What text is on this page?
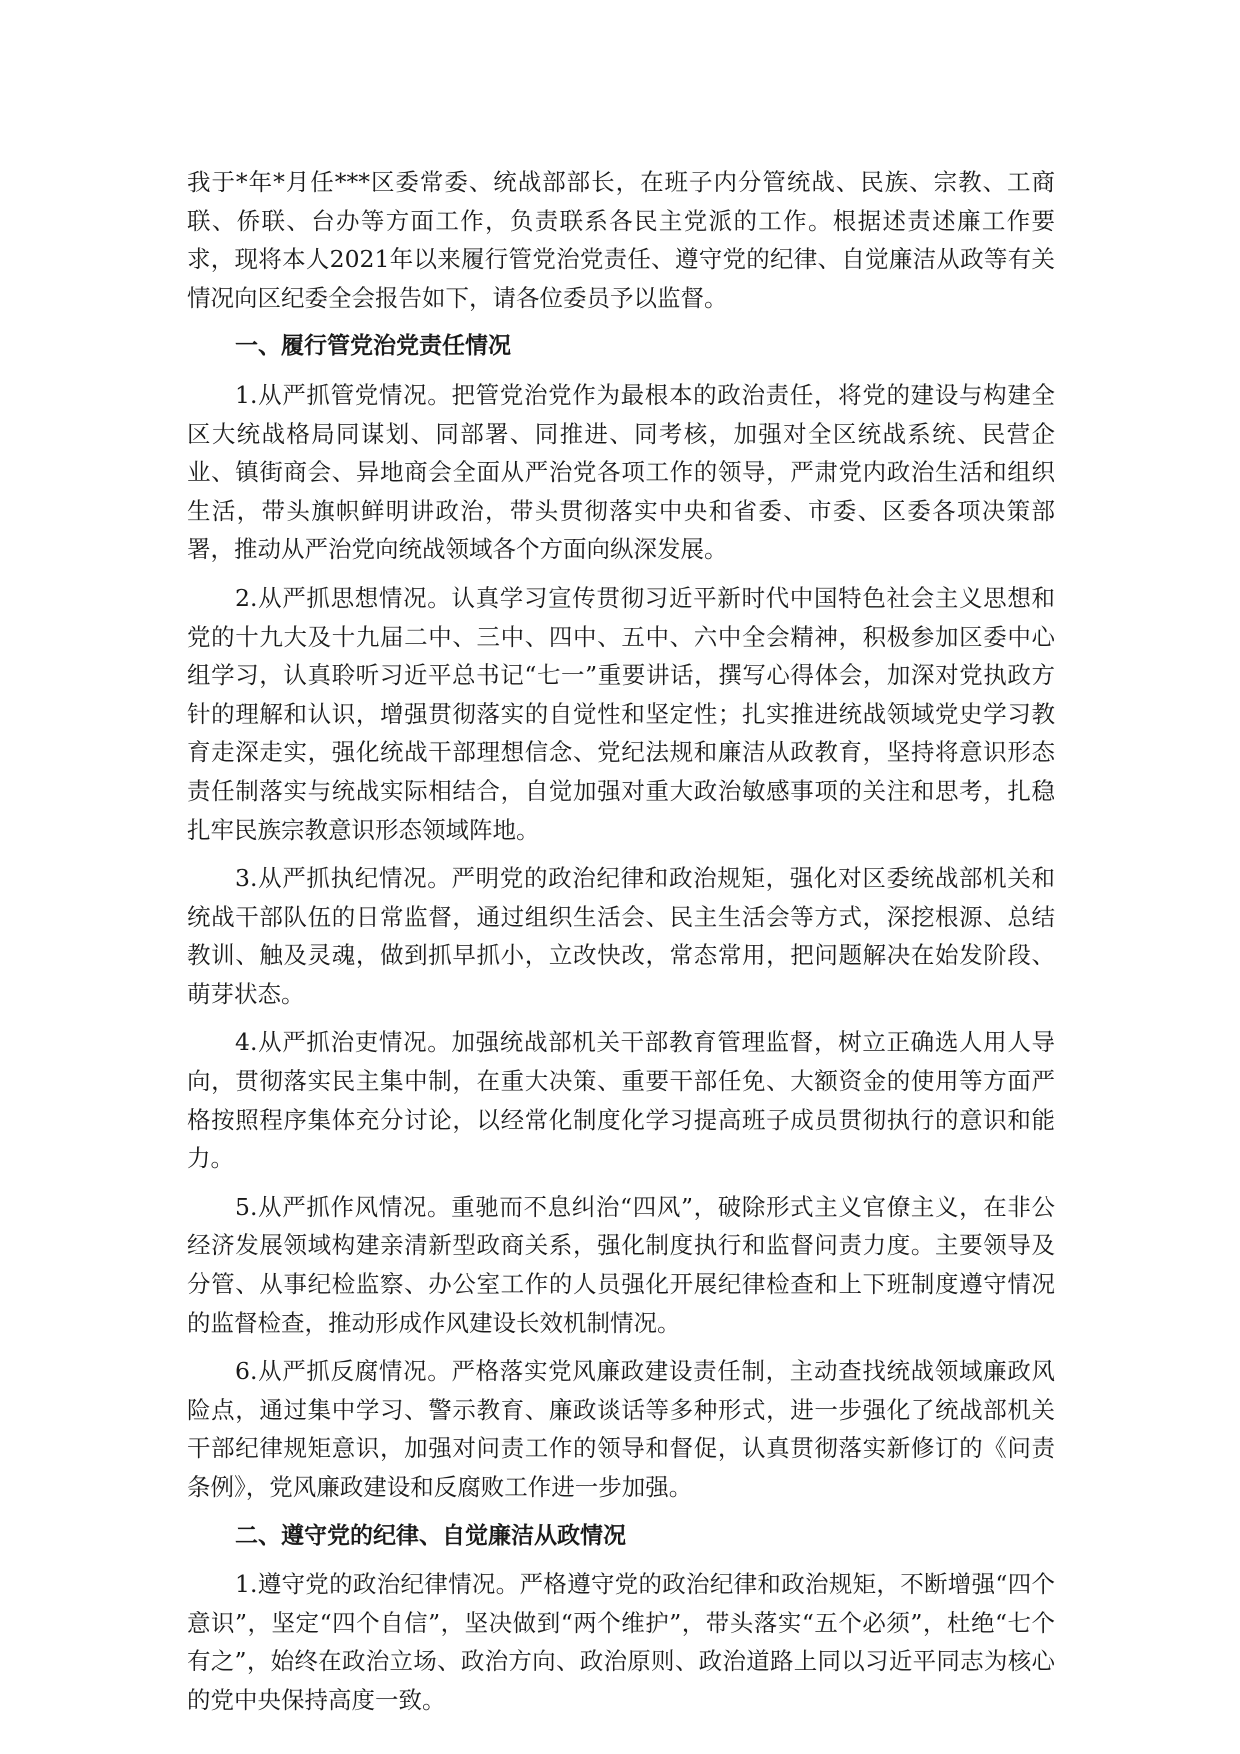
我于*年*月任***区委常委、统战部部长，在班子内分管统战、民族、宗教、工商联、侨联、台办等方面工作，负责联系各民主党派的工作。根据述责述廉工作要求，现将本人2021年以来履行管党治党责任、遵守党的纪律、自觉廉洁从政等有关情况向区纪委全会报告如下，请各位委员予以监督。

一、履行管党治党责任情况

1.从严抓管党情况。把管党治党作为最根本的政治责任，将党的建设与构建全区大统战格局同谋划、同部署、同推进、同考核，加强对全区统战系统、民营企业、镇街商会、异地商会全面从严治党各项工作的领导，严肃党内政治生活和组织生活，带头旗帜鲜明讲政治，带头贯彻落实中央和省委、市委、区委各项决策部署，推动从严治党向统战领域各个方面向纵深发展。

2.从严抓思想情况。认真学习宣传贯彻习近平新时代中国特色社会主义思想和党的十九大及十九届二中、三中、四中、五中、六中全会精神，积极参加区委中心组学习，认真聆听习近平总书记“七一”重要讲话，撰写心得体会，加深对党执政方针的理解和认识，增强贯彻落实的自觉性和坚定性；扎实推进统战领域党史学习教育走深走实，强化统战干部理想信念、党纪法规和廉洁从政教育，坚持将意识形态责任制落实与统战实际相结合，自觉加强对重大政治敏感事项的关注和思考，扎稳扎牢民族宗教意识形态领域阵地。

3.从严抓执纪情况。严明党的政治纪律和政治规矩，强化对区委统战部机关和统战干部队伍的日常监督，通过组织生活会、民主生活会等方式，深挖根源、总结教训、触及灵魂，做到抓早抓小，立改快改，常态常用，把问题解决在始发阶段、萌芽状态。

4.从严抓治吏情况。加强统战部机关干部教育管理监督，树立正确选人用人导向，贯彻落实民主集中制，在重大决策、重要干部任免、大额资金的使用等方面严格按照程序集体充分讨论，以经常化制度化学习提高班子成员贯彻执行的意识和能力。

5.从严抓作风情况。重驰而不息纠治“四风”，破除形式主义官僚主义，在非公经济发展领域构建亲清新型政商关系，强化制度执行和监督问责力度。主要领导及分管、从事纪检监察、办公室工作的人员强化开展纪律检查和上下班制度遵守情况的监督检查，推动形成作风建设长效机制情况。

6.从严抓反腐情况。严格落实党风廉政建设责任制，主动查找统战领域廉政风险点，通过集中学习、警示教育、廉政谈话等多种形式，进一步强化了统战部机关干部纪律规矩意识，加强对问责工作的领导和督促，认真贯彻落实新修订的《问责条例》，党风廉政建设和反腐败工作进一步加强。

二、遵守党的纪律、自觉廉洁从政情况

1.遵守党的政治纪律情况。严格遵守党的政治纪律和政治规矩，不断增强“四个意识”，坚定“四个自信”，坚决做到“两个维护”，带头落实“五个必须”，杜绝“七个有之”，始终在政治立场、政治方向、政治原则、政治道路上同以习近平同志为核心的党中央保持高度一致。
